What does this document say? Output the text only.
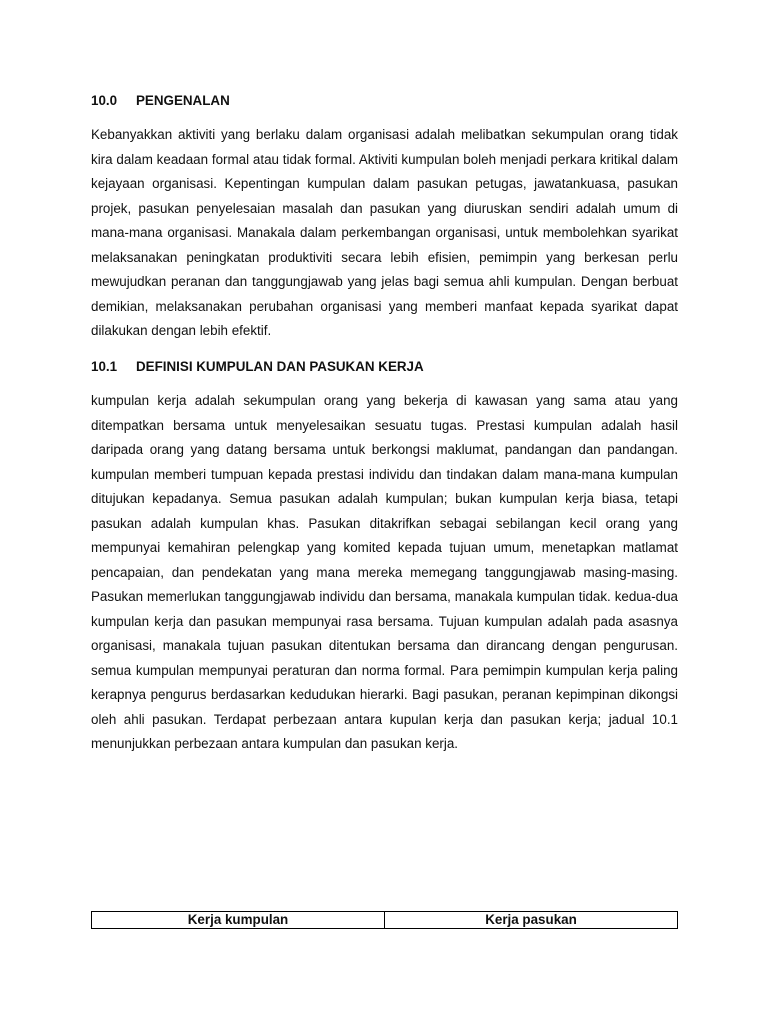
10.0 PENGENALAN

Kebanyakkan aktiviti yang berlaku dalam organisasi adalah melibatkan sekumpulan orang tidak kira dalam keadaan formal atau tidak formal. Aktiviti kumpulan boleh menjadi perkara kritikal dalam kejayaan organisasi. Kepentingan kumpulan dalam pasukan petugas, jawatankuasa, pasukan projek, pasukan penyelesaian masalah dan pasukan yang diuruskan sendiri adalah umum di mana-mana organisasi. Manakala dalam perkembangan organisasi, untuk membolehkan syarikat melaksanakan peningkatan produktiviti secara lebih efisien, pemimpin yang berkesan perlu mewujudkan peranan dan tanggungjawab yang jelas bagi semua ahli kumpulan. Dengan berbuat demikian, melaksanakan perubahan organisasi yang memberi manfaat kepada syarikat dapat dilakukan dengan lebih efektif.

10.1 DEFINISI KUMPULAN DAN PASUKAN KERJA

kumpulan kerja adalah sekumpulan orang yang bekerja di kawasan yang sama atau yang ditempatkan bersama untuk menyelesaikan sesuatu tugas. Prestasi kumpulan adalah hasil daripada orang yang datang bersama untuk berkongsi maklumat, pandangan dan pandangan. kumpulan memberi tumpuan kepada prestasi individu dan tindakan dalam mana-mana kumpulan ditujukan kepadanya. Semua pasukan adalah kumpulan; bukan kumpulan kerja biasa, tetapi pasukan adalah kumpulan khas. Pasukan ditakrifkan sebagai sebilangan kecil orang yang mempunyai kemahiran pelengkap yang komited kepada tujuan umum, menetapkan matlamat pencapaian, dan pendekatan yang mana mereka memegang tanggungjawab masing-masing. Pasukan memerlukan tanggungjawab individu dan bersama, manakala kumpulan tidak. kedua-dua kumpulan kerja dan pasukan mempunyai rasa bersama. Tujuan kumpulan adalah pada asasnya organisasi, manakala tujuan pasukan ditentukan bersama dan dirancang dengan pengurusan. semua kumpulan mempunyai peraturan dan norma formal. Para pemimpin kumpulan kerja paling kerapnya pengurus berdasarkan kedudukan hierarki. Bagi pasukan, peranan kepimpinan dikongsi oleh ahli pasukan. Terdapat perbezaan antara kupulan kerja dan pasukan kerja; jadual 10.1 menunjukkan perbezaan antara kumpulan dan pasukan kerja.

Kerja kumpulan	Kerja pasukan
